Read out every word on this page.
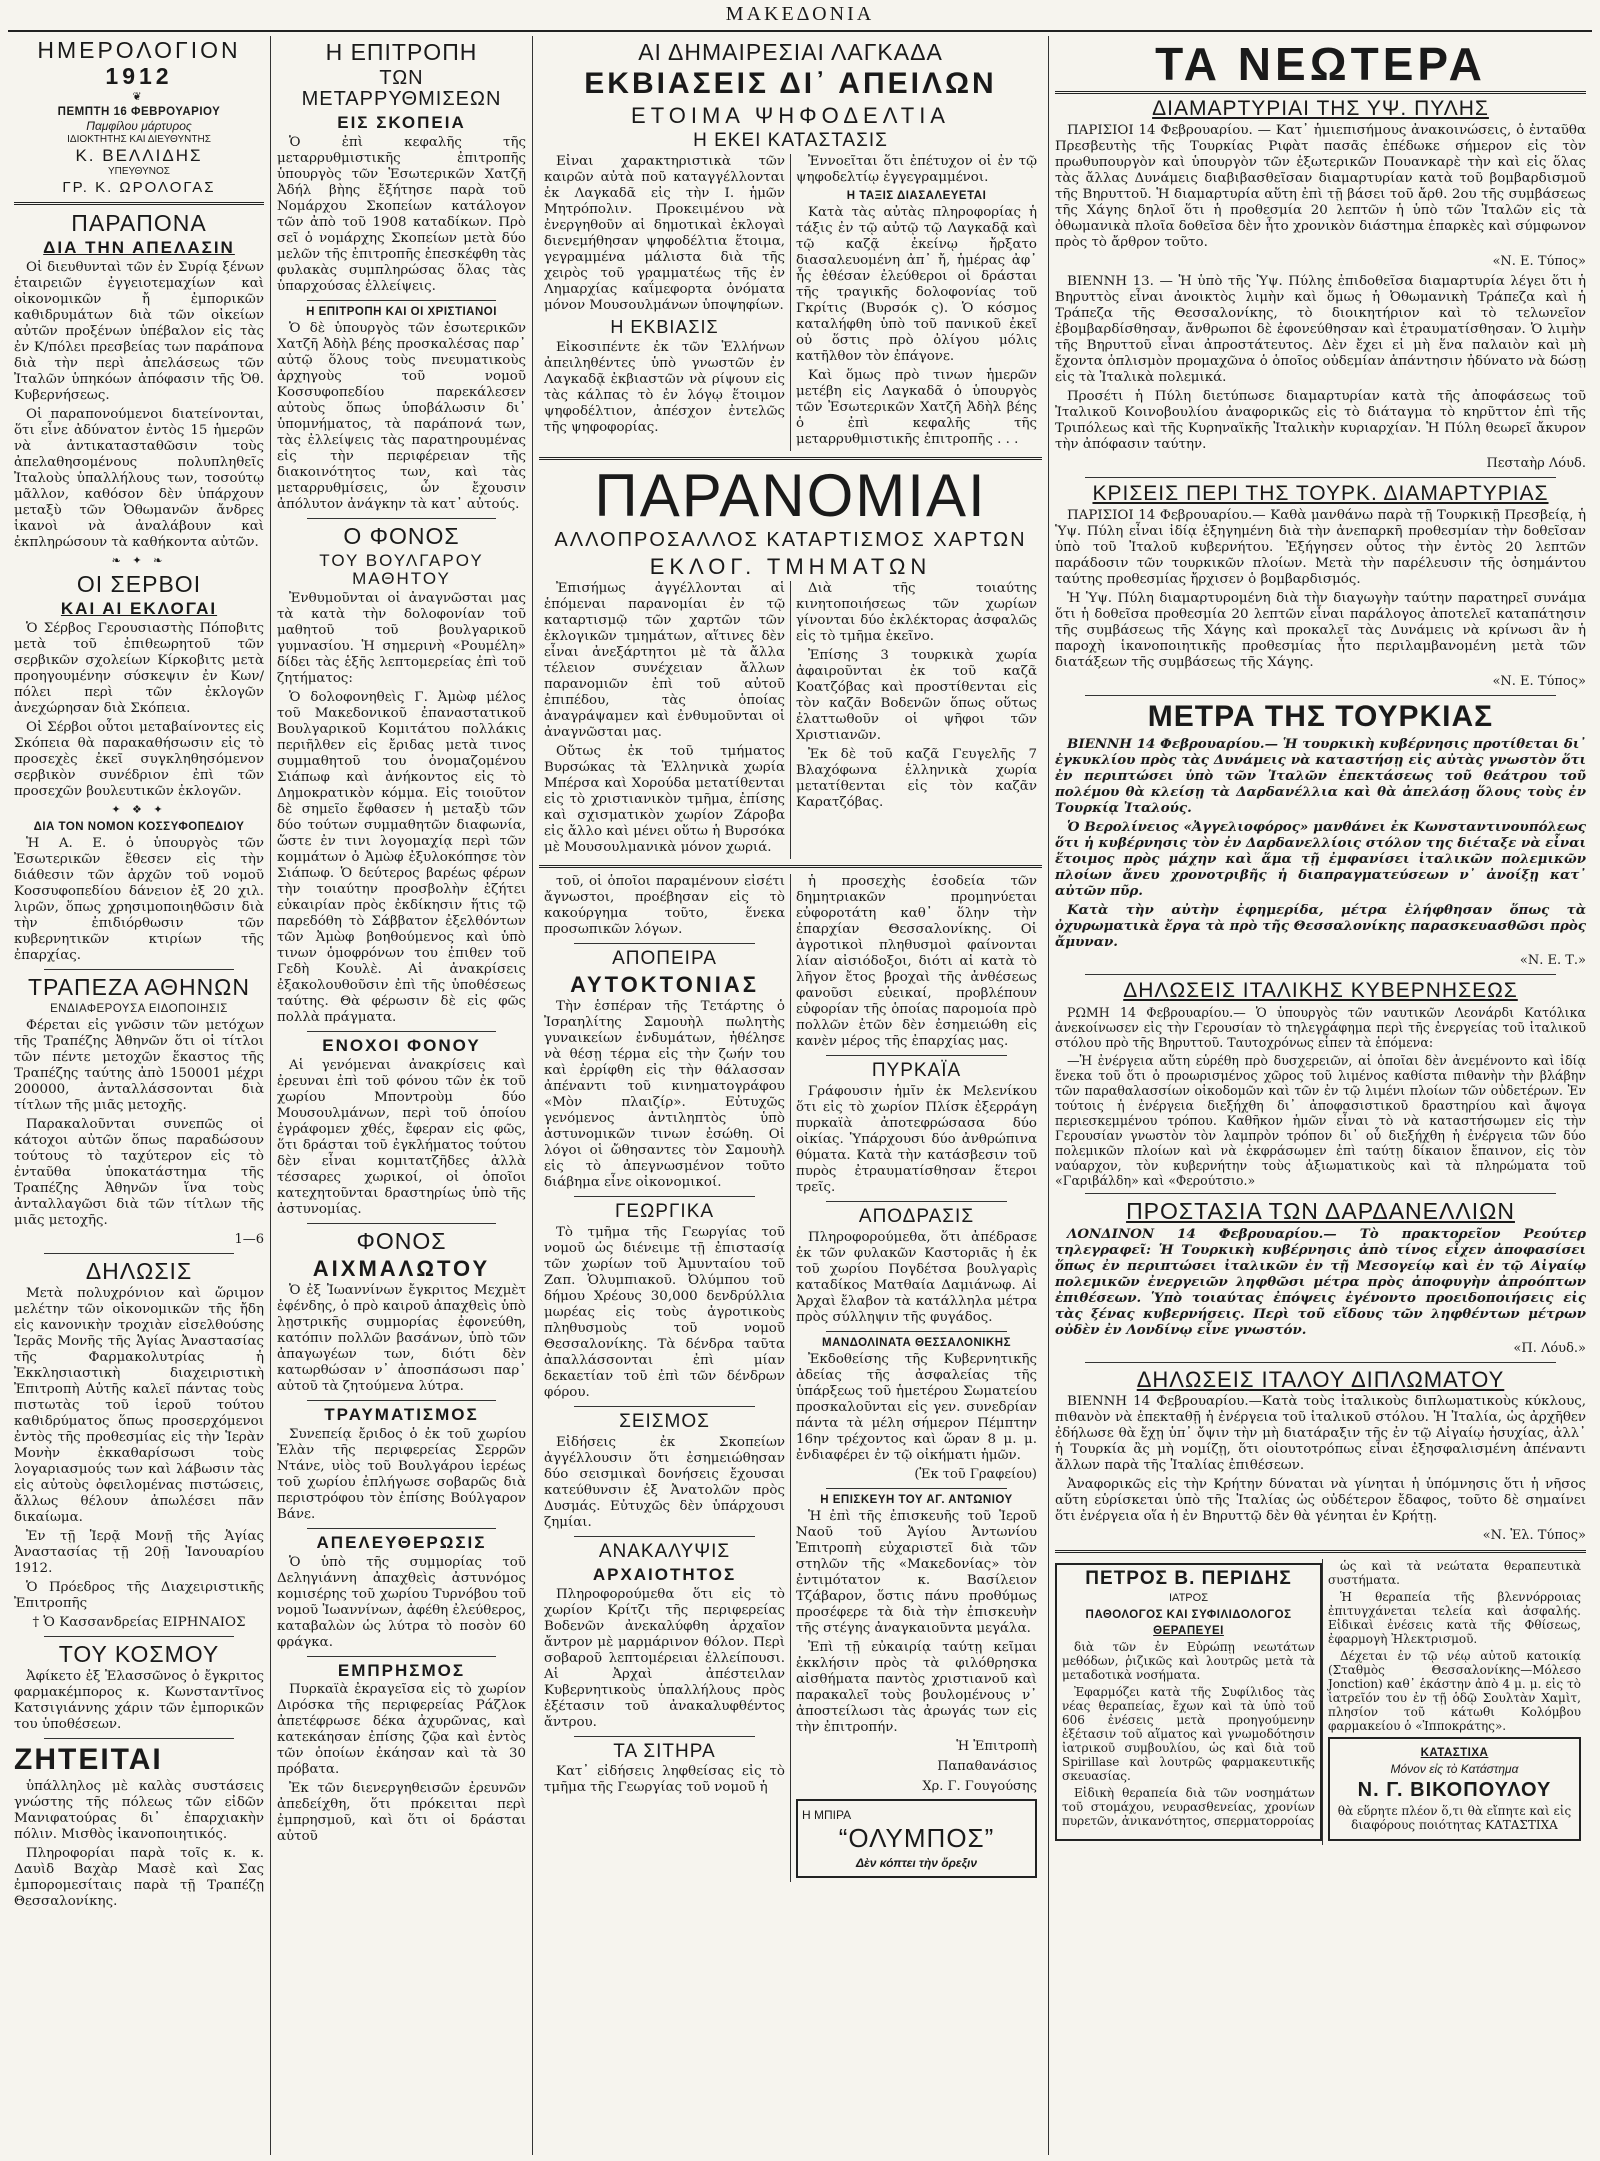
ΜΑΚΕΔΟΝΙΑ
ΗΜΕΡΟΛΟΓΙΟΝ
1912
❦
ΠΕΜΠΤΗ 16 ΦΕΒΡΟΥΑΡΙΟΥ
Παμφίλου μάρτυρος
ΙΔΙΟΚΤΗΤΗΣ ΚΑΙ ΔΙΕΥΘΥΝΤΗΣ
Κ. ΒΕΛΛΙΔΗΣ
ΥΠΕΥΘΥΝΟΣ
ΓΡ. Κ. ΩΡΟΛΟΓΑΣ
ΠΑΡΑΠΟΝΑ
ΔΙΑ ΤΗΝ ΑΠΕΛΑΣΙΝ

Οἱ διευθυνταὶ τῶν ἐν Συρίᾳ ξένων ἑταιρειῶν ἐγγειοτεμαχίων καὶ οἰκονομικῶν ἤ ἐμπορικῶν καθιδρυμάτων διὰ τῶν οἰκείων αὐτῶν προξένων ὑπέβαλον εἰς τὰς ἐν Κ/πόλει πρεσβείας των παράπονα διὰ τὴν περὶ ἀπελάσεως τῶν Ἰταλῶν ὑπηκόων ἀπόφασιν τῆς Ὀθ. Κυβερνήσεως.

Οἱ παραπονούμενοι διατείνονται, ὅτι εἶνε ἀδύνατον ἐντὸς 15 ἡμερῶν νὰ ἀντικατασταθῶσιν τοὺς ἀπελαθησομένους πολυπληθεῖς Ἰταλοὺς ὑπαλλήλους των, τοσούτῳ μᾶλλον, καθόσον δὲν ὑπάρχουν μεταξὺ τῶν Ὀθωμανῶν ἄνδρες ἱκανοὶ νὰ ἀναλάβουν καὶ ἐκπληρώσουν τὰ καθήκοντα αὐτῶν.

❧ ✦ ❧
ΟΙ ΣΕΡΒΟΙ
ΚΑΙ ΑΙ ΕΚΛΟΓΑΙ

Ὁ Σέρβος Γερουσιαστὴς Πόποβιτς μετὰ τοῦ ἐπιθεωρητοῦ τῶν σερβικῶν σχολείων Κίρκοβιτς μετὰ προηγουμένην σύσκεψιν ἐν Κων/πόλει περὶ τῶν ἐκλογῶν ἀνεχώρησαν διὰ Σκόπεια.

Οἱ Σέρβοι οὗτοι μεταβαίνοντες εἰς Σκόπεια θὰ παρακαθήσωσιν εἰς τὸ προσεχὲς ἐκεῖ συγκληθησόμενον σερβικὸν συνέδριον ἐπὶ τῶν προσεχῶν βουλευτικῶν ἐκλογῶν.

✦ ❖ ✦
ΔΙΑ ΤΟΝ ΝΟΜΟΝ ΚΟΣΣΥΦΟΠΕΔΙΟΥ

Ἡ Α. Ε. ὁ ὑπουργὸς τῶν Ἐσωτερικῶν ἔθεσεν εἰς τὴν διάθεσιν τῶν ἀρχῶν τοῦ νομοῦ Κοσσυφοπεδίου δάνειον ἐξ 20 χιλ. λιρῶν, ὅπως χρησιμοποιηθῶσιν διὰ τὴν ἐπιδιόρθωσιν τῶν κυβερνητικῶν κτιρίων τῆς ἐπαρχίας.

ΤΡΑΠΕΖΑ ΑΘΗΝΩΝ
ΕΝΔΙΑΦΕΡΟΥΣΑ ΕΙΔΟΠΟΙΗΣΙΣ

Φέρεται εἰς γνῶσιν τῶν μετόχων τῆς Τραπέζης Ἀθηνῶν ὅτι οἱ τίτλοι τῶν πέντε μετοχῶν ἕκαστος τῆς Τραπέζης ταύτης ἀπὸ 150001 μέχρι 200000, ἀνταλλάσσονται διὰ τίτλων τῆς μιᾶς μετοχῆς.

Παρακαλοῦνται συνεπῶς οἱ κάτοχοι αὐτῶν ὅπως παραδώσουν τούτους τὸ ταχύτερον εἰς τὸ ἐνταῦθα ὑποκατάστημα τῆς Τραπέζης Ἀθηνῶν ἵνα τοὺς ἀνταλλαγῶσι διὰ τῶν τίτλων τῆς μιᾶς μετοχῆς.

1—6

ΔΗΛΩΣΙΣ

Μετὰ πολυχρόνιον καὶ ὥριμον μελέτην τῶν οἰκονομικῶν τῆς ἤδη εἰς κανονικὴν τροχιὰν εἰσελθούσης Ἱερᾶς Μονῆς τῆς Ἁγίας Ἀναστασίας τῆς Φαρμακολυτρίας ἡ Ἐκκλησιαστικὴ διαχειριστικὴ Ἐπιτροπὴ Αὐτῆς καλεῖ πάντας τοὺς πιστωτὰς τοῦ ἱεροῦ τούτου καθιδρύματος ὅπως προσερχόμενοι ἐντὸς τῆς προθεσμίας εἰς τὴν Ἱερὰν Μονὴν ἐκκαθαρίσωσι τοὺς λογαριασμούς των καὶ λάβωσιν τὰς εἰς αὐτοὺς ὀφειλομένας πιστώσεις, ἄλλως θέλουν ἀπωλέσει πᾶν δικαίωμα.

Ἐν τῇ Ἱερᾷ Μονῇ τῆς Ἁγίας Ἀναστασίας τῇ 20ῇ Ἰανουαρίου 1912.

Ὁ Πρόεδρος τῆς Διαχειριστικῆς Ἐπιτροπῆς

† Ὁ Κασσανδρείας ΕΙΡΗΝΑΙΟΣ

ΤΟΥ ΚΟΣΜΟΥ

Ἀφίκετο ἐξ Ἐλασσῶνος ὁ ἔγκριτος φαρμακέμπορος κ. Κωνσταντῖνος Κατσιγιάννης χάριν τῶν ἐμπορικῶν του ὑποθέσεων.

ΖΗΤΕΙΤΑΙ

ὑπάλληλος μὲ καλὰς συστάσεις γνώστης τῆς πόλεως τῶν εἰδῶν Μανιφατούρας δι᾽ ἐπαρχιακὴν πόλιν. Μισθὸς ἱκανοποιητικός.

Πληροφορίαι παρὰ τοῖς κ. κ. Δαυὶδ Βαχὰρ Μασὲ καὶ Σας ἐμπορομεσίταις παρὰ τῇ Τραπέζῃ Θεσσαλονίκης.

Η ΕΠΙΤΡΟΠΗ
ΤΩΝ ΜΕΤΑΡΡΥΘΜΙΣΕΩΝ
ΕΙΣ ΣΚΟΠΕΙΑ

Ὁ ἐπὶ κεφαλῆς τῆς μεταρρυθμιστικῆς ἐπιτροπῆς ὑπουργὸς τῶν Ἐσωτερικῶν Χατζῆ Ἀδήλ βὴης ἔξήτησε παρὰ τοῦ Νομάρχου Σκοπείων κατάλογον τῶν ἀπὸ τοῦ 1908 καταδίκων. Πρὸ σεῖ ὁ νομάρχης Σκοπείων μετὰ δύο μελῶν τῆς ἐπιτροπῆς ἐπεσκέφθη τὰς φυλακὰς συμπληρώσας ὅλας τὰς ὑπαρχούσας ἐλλείψεις.

Η ΕΠΙΤΡΟΠΗ ΚΑΙ ΟΙ ΧΡΙΣΤΙΑΝΟΙ

Ὁ δὲ ὑπουργὸς τῶν ἐσωτερικῶν Χατζῆ Ἀδὴλ βέης προσκαλέσας παρ᾽ αὐτῷ ὅλους τοὺς πνευματικοὺς ἀρχηγοὺς τοῦ νομοῦ Κοσσυφοπεδίου παρεκάλεσεν αὐτοὺς ὅπως ὑποβάλωσιν δι᾽ ὑπομνήματος, τὰ παράπονά των, τὰς ἐλλείψεις τὰς παρατηρουμένας εἰς τὴν περιφέρειαν τῆς διακοινότητος των, καὶ τὰς μεταρρυθμίσεις, ὧν ἔχουσιν ἀπόλυτον ἀνάγκην τὰ κατ᾽ αὐτούς.

Ο ΦΟΝΟΣ
ΤΟΥ ΒΟΥΛΓΑΡΟΥ ΜΑΘΗΤΟΥ

Ἐνθυμοῦνται οἱ ἀναγνῶσται μας τὰ κατὰ τὴν δολοφονίαν τοῦ μαθητοῦ τοῦ βουλγαρικοῦ γυμνασίου. Ἡ σημερινὴ «Ρουμέλη» δίδει τὰς ἑξῆς λεπτομερείας ἐπὶ τοῦ ζητήματος:

Ὁ δολοφονηθεὶς Γ. Ἀμὼφ μέλος τοῦ Μακεδονικοῦ ἐπαναστατικοῦ Βουλγαρικοῦ Κομιτάτου πολλάκις περιῆλθεν εἰς ἔριδας μετὰ τινος συμμαθητοῦ του ὀνομαζομένου Σιάπωφ καὶ ἀνήκοντος εἰς τὸ Δημοκρατικὸν κόμμα. Εἰς τοιοῦτον δὲ σημεῖο ἔφθασεν ἡ μεταξὺ τῶν δύο τούτων συμμαθητῶν διαφωνία, ὥστε ἐν τινι λογομαχίᾳ περὶ τῶν κομμάτων ὁ Ἀμὼφ ἐξυλοκόπησε τὸν Σιάπωφ. Ὁ δεύτερος βαρέως φέρων τὴν τοιαύτην προσβολὴν ἐζήτει εὐκαιρίαν πρὸς ἐκδίκησιν ἥτις τῷ παρεδόθη τὸ Σάββατον ἐξελθόντων τῶν Ἀμὼφ βοηθούμενος καὶ ὑπὸ τινων ὁμοφρόνων του ἐπιθεν τοῦ Γεδὴ Κουλὲ. Αἱ ἀνακρίσεις ἐξακολουθοῦσιν ἐπὶ τῆς ὑποθέσεως ταύτης. Θὰ φέρωσιν δὲ εἰς φῶς πολλὰ πράγματα.

ΕΝΟΧΟΙ ΦΟΝΟΥ

Αἱ γενόμεναι ἀνακρίσεις καὶ ἐρευναι ἐπὶ τοῦ φόνου τῶν ἐκ τοῦ χωρίου Μποντροὺμ δύο Μουσουλμάνων, περὶ τοῦ ὁποίου ἐγράφομεν χθές, ἔφεραν εἰς φῶς, ὅτι δράσται τοῦ ἐγκλήματος τούτου δὲν εἶναι κομιτατζῆδες ἀλλὰ τέσσαρες χωρικοί, οἱ ὁποῖοι κατεχητοῦνται δραστηρίως ὑπὸ τῆς ἀστυνομίας.

ΦΟΝΟΣ
ΑΙΧΜΑΛΩΤΟΥ

Ὁ ἐξ Ἰωαννίνων ἔγκριτος Μεχμὲτ ἐφένδης, ὁ πρὸ καιροῦ ἀπαχθεὶς ὑπὸ λῃστρικῆς συμμορίας ἐφονεύθη, κατόπιν πολλῶν βασάνων, ὑπὸ τῶν ἀπαγωγέων των, διότι δὲν κατωρθώσαν ν᾽ ἀποσπάσωσι παρ᾽ αὐτοῦ τὰ ζητούμενα λύτρα.

ΤΡΑΥΜΑΤΙΣΜΟΣ

Συνεπείᾳ ἔριδος ὁ ἐκ τοῦ χωρίου Ἐλὰν τῆς περιφερείας Σερρῶν Ντάνε, υἱὸς τοῦ Βουλγάρου ἱερέως τοῦ χωρίου ἐπλήγωσε σοβαρῶς διὰ περιστρόφου τὸν ἐπίσης Βούλγαρον Βάνε.

ΑΠΕΛΕΥΘΕΡΩΣΙΣ

Ὁ ὑπὸ τῆς συμμορίας τοῦ Δεληγιάννη ἀπαχθεὶς ἀστυνόμος κομισέρης τοῦ χωρίου Τυρνόβου τοῦ νομοῦ Ἰωαννίνων, ἀφέθη ἐλεύθερος, καταβαλὼν ὡς λύτρα τὸ ποσὸν 60 φράγκα.

ΕΜΠΡΗΣΜΟΣ

Πυρκαϊὰ ἐκραγεῖσα εἰς τὸ χωρίον Διρόσκα τῆς περιφερείας Ράζλοκ ἀπετέφρωσε δέκα ἀχυρῶνας, καὶ κατεκάησαν ἐπίσης ζῷα καὶ ἐντὸς τῶν ὁποίων ἐκάησαν καὶ τὰ 30 πρόβατα.

Ἐκ τῶν διενεργηθεισῶν ἐρευνῶν ἀπεδείχθη, ὅτι πρόκειται περὶ ἐμπρησμοῦ, καὶ ὅτι οἱ δράσται αὐτοῦ

ΑΙ ΔΗΜΑΙΡΕΣΙΑΙ ΛΑΓΚΑΔΑ
ΕΚΒΙΑΣΕΙΣ ΔΙ᾽ ΑΠΕΙΛΩΝ
ΕΤΟΙΜΑ ΨΗΦΟΔΕΛΤΙΑ
Η ΕΚΕΙ ΚΑΤΑΣΤΑΣΙΣ

Εἶναι χαρακτηριστικὰ τῶν καιρῶν αὐτὰ ποῦ καταγγέλλονται ἐκ Λαγκαδᾶ εἰς τὴν Ι. ἡμῶν Μητρόπολιν. Προκειμένου νὰ ἐνεργηθοῦν αἱ δημοτικαὶ ἐκλογαὶ διενεμήθησαν ψηφοδέλτια ἕτοιμα, γεγραμμένα μάλιστα διὰ τῆς χειρὸς τοῦ γραμματέως τῆς ἐν Λημαρχίας καΐμεφορτα ὀνόματα μόνον Μουσουλμάνων ὑποψηφίων.

Η ΕΚΒΙΑΣΙΣ

Εἰκοσιπέντε ἐκ τῶν Ἑλλήνων ἀπειληθέντες ὑπὸ γνωστῶν ἐν Λαγκαδᾷ ἐκβιαστῶν νὰ ρίψουν εἰς τὰς κάλπας τὸ ἐν λόγῳ ἕτοιμον ψηφοδέλτιον, ἀπέσχον ἐντελῶς τῆς ψηφοφορίας.

Ἐννοεῖται ὅτι ἐπέτυχον οἱ ἐν τῷ ψηφοδελτίῳ ἐγγεγραμμένοι.

Η ΤΑΞΙΣ ΔΙΑΣΑΛΕΥΕΤΑΙ

Κατὰ τὰς αὐτὰς πληροφορίας ἡ τάξις ἐν τῷ αὐτῷ τῷ Λαγκαδᾷ καὶ τῷ καζᾷ ἐκείνῳ ἤρξατο διασαλευομένη ἀπ᾽ ἤ, ἡμέρας ἀφ᾽ ἧς ἐθέσαν ἐλεύθεροι οἱ δράσται τῆς τραγικῆς δολοφονίας τοῦ Γκρίτις (Βυρσόκ ς). Ὁ κόσμος καταλήφθη ὑπὸ τοῦ πανικοῦ ἐκεῖ οὐ ὅστις πρὸ ὀλίγου μόλις κατῆλθον τὸν ἐπάγονε.

Καὶ ὅμως πρὸ τινων ἡμερῶν μετέβη εἰς Λαγκαδᾶ ὁ ὑπουργὸς τῶν Ἐσωτερικῶν Χατζῆ Ἀδὴλ βέης ὁ ἐπὶ κεφαλῆς τῆς μεταρρυθμιστικῆς ἐπιτροπῆς . . .

ΠΑΡΑΝΟΜΙΑΙ
ΑΛΛΟΠΡΟΣΑΛΛΟΣ ΚΑΤΑΡΤΙΣΜΟΣ ΧΑΡΤΩΝ
ΕΚΛΟΓ. ΤΜΗΜΑΤΩΝ

Ἐπισήμως ἀγγέλλονται αἱ ἑπόμεναι παρανομίαι ἐν τῷ καταρτισμῷ τῶν χαρτῶν τῶν ἐκλογικῶν τμημάτων, αἵτινες δὲν εἶναι ἀνεξάρτητοι μὲ τὰ ἄλλα τέλειον συνέχειαν ἄλλων παρανομιῶν ἐπὶ τοῦ αὐτοῦ ἐπιπέδου, τὰς ὁποίας ἀναγράψαμεν καὶ ἐνθυμοῦνται οἱ ἀναγνῶσται μας.

Οὕτως ἐκ τοῦ τμήματος Βυρσώκας τὰ Ἑλληνικὰ χωρία Μπέρσα καὶ Χορούδα μετατίθενται εἰς τὸ χριστιανικὸν τμῆμα, ἐπίσης καὶ σχισματικὸν χωρίον Ζάροβα εἰς ἄλλο καὶ μένει οὕτω ἡ Βυρσόκα μὲ Μουσουλμανικὰ μόνον χωριά.

Διὰ τῆς τοιαύτης κινητοποιήσεως τῶν χωρίων γίνονται δύο ἐκλέκτορας ἀσφαλῶς εἰς τὸ τμῆμα ἐκεῖνο.

Ἐπίσης 3 τουρκικὰ χωρία ἀφαιροῦνται ἐκ τοῦ καζᾶ Κοατζόβας καὶ προστίθενται εἰς τὸν καζᾶν Βοδενῶν ὅπως οὕτως ἐλαττωθοῦν οἱ ψῆφοι τῶν Χριστιανῶν.

Ἐκ δὲ τοῦ καζᾶ Γευγελῆς 7 Βλαχόφωνα ἑλληνικὰ χωρία μετατίθενται εἰς τὸν καζᾶν Καρατζόβας.

τοῦ, οἱ ὁποῖοι παραμένουν εἰσέτι ἄγνωστοι, προέβησαν εἰς τὸ κακούργημα τοῦτο, ἕνεκα προσωπικῶν λόγων.

ΑΠΟΠΕΙΡΑ
ΑΥΤΟΚΤΟΝΙΑΣ

Τὴν ἑσπέραν τῆς Τετάρτης ὁ Ἰσραηλίτης Σαμουὴλ πωλητὴς γυναικείων ἐνδυμάτων, ἠθέλησε νὰ θέσῃ τέρμα εἰς τὴν ζωήν του καὶ ἐρρίφθη εἰς τὴν θάλασσαν ἀπέναντι τοῦ κινηματογράφου «Μὸν πλαιζίρ». Εὐτυχῶς γενόμενος ἀντιληπτὸς ὑπὸ ἀστυνομικῶν τινων ἐσώθη. Οἱ λόγοι οἱ ὤθησαντες τὸν Σαμουὴλ εἰς τὸ ἀπεγνωσμένον τοῦτο διάβημα εἶνε οἰκονομικοί.

ΓΕΩΡΓΙΚΑ

Τὸ τμῆμα τῆς Γεωργίας τοῦ νομοῦ ὡς διένειμε τῇ ἐπιστασίᾳ τῶν χωρίων τοῦ Ἀμυνταίου τοῦ Ζαπ. Ὁλυμπιακοῦ. Ὀλύμπου τοῦ δήμου Χρέους 30,000 δενδρύλλια μωρέας εἰς τοὺς ἀγροτικοὺς πληθυσμοὺς τοῦ νομοῦ Θεσσαλονίκης. Τὰ δένδρα ταῦτα ἀπαλλάσσονται ἐπὶ μίαν δεκαετίαν τοῦ ἐπὶ τῶν δένδρων φόρου.

ΣΕΙΣΜΟΣ

Εἰδήσεις ἐκ Σκοπείων ἀγγέλλουσιν ὅτι ἐσημειώθησαν δύο σεισμικαὶ δονήσεις ἔχουσαι κατεύθυνσιν ἐξ Ἀνατολῶν πρὸς Δυσμάς. Εὐτυχῶς δὲν ὑπάρχουσι ζημίαι.

ΑΝΑΚΑΛΥΨΙΣ
ΑΡΧΑΙΟΤΗΤΟΣ

Πληροφορούμεθα ὅτι εἰς τὸ χωρίον Κρίτζι τῆς περιφερείας Βοδενῶν ἀνεκαλύφθη ἀρχαῖον ἄντρον μὲ μαρμάρινον θόλον. Περὶ σοβαροῦ λεπτομέρειαι ἐλλείπουσι. Αἱ Ἀρχαὶ ἀπέστειλαν Κυβερνητικοὺς ὑπαλλήλους πρὸς ἐξέτασιν τοῦ ἀνακαλυφθέντος ἄντρου.

ΤΑ ΣΙΤΗΡΑ

Κατ᾽ εἰδήσεις ληφθείσας εἰς τὸ τμῆμα τῆς Γεωργίας τοῦ νομοῦ ἡ

ἡ προσεχὴς ἐσοδεία τῶν δημητριακῶν προμηνύεται εὐφοροτάτη καθ᾽ ὅλην τὴν ἐπαρχίαν Θεσσαλονίκης. Οἱ ἀγροτικοὶ πληθυσμοὶ φαίνονται λίαν αἰσιόδοξοι, διότι αἱ κατὰ τὸ λῆγον ἔτος βροχαὶ τῆς ἀνθέσεως φανοῦσι εὐεικαί, προβλέπουν εὐφορίαν τῆς ὁποίας παρομοία πρὸ πολλῶν ἐτῶν δὲν ἐσημειώθη εἰς κανὲν μέρος τῆς ἐπαρχίας μας.

ΠΥΡΚΑΪΑ

Γράφουσιν ἡμῖν ἐκ Μελενίκου ὅτι εἰς τὸ χωρίον Πλίσκ ἐξερράγη πυρκαϊὰ ἀποτεφρώσασα δύο οἰκίας. Ὑπάρχουσι δύο ἀνθρώπινα θύματα. Κατὰ τὴν κατάσβεσιν τοῦ πυρὸς ἐτραυματίσθησαν ἕτεροι τρεῖς.

ΑΠΟΔΡΑΣΙΣ

Πληροφορούμεθα, ὅτι ἀπέδρασε ἐκ τῶν φυλακῶν Καστοριᾶς ἡ ἐκ τοῦ χωρίου Πογδέτσα βουλγαρὶς καταδίκος Ματθαία Δαμιάνωφ. Αἱ Ἀρχαὶ ἔλαβον τὰ κατάλληλα μέτρα πρὸς σύλληψιν τῆς φυγάδος.

ΜΑΝΔΟΛΙΝΑΤΑ ΘΕΣΣΑΛΟΝΙΚΗΣ

Ἐκδοθείσης τῆς Κυβερνητικῆς ἀδείας τῆς ἀσφαλείας τῆς ὑπάρξεως τοῦ ἡμετέρου Σωματείου προσκαλοῦνται εἰς γεν. συνεδρίαν πάντα τὰ μέλη σήμερον Πέμπτην 16ην τρέχοντος καὶ ὥραν 8 μ. μ. ἐνδιαφέρει ἐν τῷ οἰκήματι ἡμῶν.

(Ἐκ τοῦ Γραφείου)

Η ΕΠΙΣΚΕΥΗ ΤΟΥ ΑΓ. ΑΝΤΩΝΙΟΥ

Ἡ ἐπὶ τῆς ἐπισκευῆς τοῦ Ἱεροῦ Ναοῦ τοῦ Ἁγίου Ἀντωνίου Ἐπιτροπὴ εὐχαριστεῖ διὰ τῶν στηλῶν τῆς «Μακεδονίας» τὸν ἐντιμότατον κ. Βασίλειον Τζάβαρον, ὅστις πάνυ προθύμως προσέφερε τὰ διὰ τὴν ἐπισκευὴν τῆς στέγης ἀναγκαιοῦντα μεγάλα.

Ἐπὶ τῇ εὐκαιρίᾳ ταύτῃ κεῖμαι ἐκκλήσιν πρὸς τὰ φιλόθρησκα αἰσθήματα παντὸς χριστιανοῦ καὶ παρακαλεῖ τοὺς βουλομένους ν᾽ ἀποστείλωσι τὰς ἀρωγάς των εἰς τὴν ἐπιτροπήν.

Ἡ Ἐπιτροπὴ

Παπαθανάσιος

Χρ. Γ. Γουγούσης

Η ΜΠΙΡΑ
“ΟΛΥΜΠΟΣ”
Δὲν κόπτει τὴν ὄρεξιν
ΤΑ ΝΕΩΤΕΡΑ
ΔΙΑΜΑΡΤΥΡΙΑΙ ΤΗΣ ΥΨ. ΠΥΛΗΣ

ΠΑΡΙΣΙΟΙ 14 Φεβρουαρίου. — Κατ᾽ ἡμιεπισήμους ἀνακοινώσεις, ὁ ἐνταῦθα Πρεσβευτὴς τῆς Τουρκίας Ριφὰτ πασᾶς ἐπέδωκε σήμερον εἰς τὸν πρωθυπουργὸν καὶ ὑπουργὸν τῶν ἐξωτερικῶν Πουανκαρὲ τὴν καὶ εἰς ὅλας τὰς ἄλλας Δυνάμεις διαβιβασθεῖσαν διαμαρτυρίαν κατὰ τοῦ βομβαρδισμοῦ τῆς Βηρυττοῦ. Ἡ διαμαρτυρία αὕτη ἐπὶ τῇ βάσει τοῦ ἄρθ. 2ου τῆς συμβάσεως τῆς Χάγης δηλοῖ ὅτι ἡ προθεσμία 20 λεπτῶν ἡ ὑπὸ τῶν Ἰταλῶν εἰς τὰ ὀθωμανικὰ πλοῖα δοθεῖσα δὲν ἦτο χρονικὸν διάστημα ἐπαρκὲς καὶ σύμφωνον πρὸς τὸ ἄρθρον τοῦτο.

«Ν. Ε. Τύπος»

ΒΙΕΝΝΗ 13. — Ἡ ὑπὸ τῆς Ὑψ. Πύλης ἐπιδοθεῖσα διαμαρτυρία λέγει ὅτι ἡ Βηρυττὸς εἶναι ἀνοικτὸς λιμὴν καὶ ὅμως ἡ Ὀθωμανικὴ Τράπεζα καὶ ἡ Τράπεζα τῆς Θεσσαλονίκης, τὸ διοικητήριον καὶ τὸ τελωνεῖον ἐβομβαρδίσθησαν, ἄνθρωποι δὲ ἐφονεύθησαν καὶ ἐτραυματίσθησαν. Ὁ λιμὴν τῆς Βηρυττοῦ εἶναι ἀπροστάτευτος. Δὲν ἔχει εἰ μὴ ἕνα παλαιὸν καὶ μὴ ἔχοντα ὁπλισμὸν προμαχῶνα ὁ ὁποῖος οὐδεμίαν ἀπάντησιν ἠδύνατο νὰ δώσῃ εἰς τὰ Ἰταλικὰ πολεμικά.

Προσέτι ἡ Πύλη διετύπωσε διαμαρτυρίαν κατὰ τῆς ἀποφάσεως τοῦ Ἰταλικοῦ Κοινοβουλίου ἀναφορικῶς εἰς τὸ διάταγμα τὸ κηρῦττον ἐπὶ τῆς Τριπόλεως καὶ τῆς Κυρηναϊκῆς Ἰταλικὴν κυριαρχίαν. Ἡ Πύλη θεωρεῖ ἄκυρον τὴν ἀπόφασιν ταύτην.

Πεσταὴρ Λόυδ.

ΚΡΙΣΕΙΣ ΠΕΡΙ ΤΗΣ ΤΟΥΡΚ. ΔΙΑΜΑΡΤΥΡΙΑΣ

ΠΑΡΙΣΙΟΙ 14 Φεβρουαρίου.— Καθὰ μανθάνω παρὰ τῇ Τουρκικῇ Πρεσβείᾳ, ἡ Ὑψ. Πύλη εἶναι ἰδίᾳ ἐξηγημένη διὰ τὴν ἀνεπαρκῆ προθεσμίαν τὴν δοθεῖσαν ὑπὸ τοῦ Ἰταλοῦ κυβερνήτου. Ἐξήγησεν οὗτος τὴν ἐντὸς 20 λεπτῶν παράδοσιν τῶν τουρκικῶν πλοίων. Μετὰ τὴν παρέλευσιν τῆς ὀσημάντου ταύτης προθεσμίας ἤρχισεν ὁ βομβαρδισμός.

Ἡ Ὑψ. Πύλη διαμαρτυρομένη διὰ τὴν διαγωγὴν ταύτην παρατηρεῖ συνάμα ὅτι ἡ δοθεῖσα προθεσμία 20 λεπτῶν εἶναι παράλογος ἀποτελεῖ καταπάτησιν τῆς συμβάσεως τῆς Χάγης καὶ προκαλεῖ τὰς Δυνάμεις νὰ κρίνωσι ἂν ἡ παροχὴ ἱκανοποιητικῆς προθεσμίας ἦτο περιλαμβανομένη μετὰ τῶν διατάξεων τῆς συμβάσεως τῆς Χάγης.

«Ν. Ε. Τύπος»

ΜΕΤΡΑ ΤΗΣ ΤΟΥΡΚΙΑΣ

ΒΙΕΝΝΗ 14 Φεβρουαρίου.— Ἡ τουρκικὴ κυβέρνησις προτίθεται δι᾽ ἐγκυκλίου πρὸς τὰς Δυνάμεις νὰ καταστήσῃ εἰς αὐτὰς γνωστὸν ὅτι ἐν περιπτώσει ὑπὸ τῶν Ἰταλῶν ἐπεκτάσεως τοῦ θεάτρου τοῦ πολέμου θὰ κλείσῃ τὰ Δαρδανέλλια καὶ θὰ ἀπελάσῃ ὅλους τοὺς ἐν Τουρκίᾳ Ἰταλούς.

Ὁ Βερολίνειος «Ἀγγελιοφόρος» μανθάνει ἐκ Κωνσταντινουπόλεως ὅτι ἡ κυβέρνησις τὸν ἐν Δαρδανελλίοις στόλον της διέταξε νὰ εἶναι ἕτοιμος πρὸς μάχην καὶ ἅμα τῇ ἐμφανίσει ἰταλικῶν πολεμικῶν πλοίων ἄνευ χρονοτριβῆς ἡ διαπραγματεύσεων ν᾽ ἀνοίξῃ κατ᾽ αὐτῶν πῦρ.

Κατὰ τὴν αὐτὴν ἐφημερίδα, μέτρα ἐλήφθησαν ὅπως τὰ ὀχυρωματικὰ ἔργα τὰ πρὸ τῆς Θεσσαλονίκης παρασκευασθῶσι πρὸς ἄμυναν.

«Ν. Ε. Τ.»

ΔΗΛΩΣΕΙΣ ΙΤΑΛΙΚΗΣ ΚΥΒΕΡΝΗΣΕΩΣ

ΡΩΜΗ 14 Φεβρουαρίου.— Ὁ ὑπουργὸς τῶν ναυτικῶν Λεονάρδι Κατόλικα ἀνεκοίνωσεν εἰς τὴν Γερουσίαν τὸ τηλεγράφημα περὶ τῆς ἐνεργείας τοῦ ἰταλικοῦ στόλου πρὸ τῆς Βηρυττοῦ. Ταυτοχρόνως εἶπεν τὰ ἑπόμενα:

—Ἡ ἐνέργεια αὕτη εὑρέθη πρὸ δυσχερειῶν, αἱ ὁποῖαι δὲν ἀνεμένοντο καὶ ἰδίᾳ ἕνεκα τοῦ ὅτι ὁ προωρισμένος χῶρος τοῦ λιμένος καθίστα πιθανὴν τὴν βλάβην τῶν παραθαλασσίων οἰκοδομῶν καὶ τῶν ἐν τῷ λιμένι πλοίων τῶν οὐδετέρων. Ἐν τούτοις ἡ ἐνέργεια διεξήχθη δι᾽ ἀποφασιστικοῦ δραστηρίου καὶ ἄψογα περιεσκεμμένου τρόπου. Καθῆκον ἡμῶν εἶναι τὸ νὰ καταστήσωμεν εἰς τὴν Γερουσίαν γνωστὸν τὸν λαμπρὸν τρόπον δι᾽ οὗ διεξήχθη ἡ ἐνέργεια τῶν δύο πολεμικῶν πλοίων καὶ νὰ ἐκφράσωμεν ἐπὶ ταύτῃ δίκαιον ἔπαινον, εἰς τὸν ναύαρχον, τὸν κυβερνήτην τοὺς ἀξιωματικοὺς καὶ τὰ πληρώματα τοῦ «Γαριβάλδη» καὶ «Φερούτσιο.»

ΠΡΟΣΤΑΣΙΑ ΤΩΝ ΔΑΡΔΑΝΕΛΛΙΩΝ

ΛΟΝΔΙΝΟΝ 14 Φεβρουαρίου.— Τὸ πρακτορεῖον Ρεούτερ τηλεγραφεῖ: Ἡ Τουρκικὴ κυβέρνησις ἀπὸ τίνος εἶχεν ἀποφασίσει ὅπως ἐν περιπτώσει ἰταλικῶν ἐν τῇ Μεσογείῳ καὶ ἐν τῷ Αἰγαίῳ πολεμικῶν ἐνεργειῶν ληφθῶσι μέτρα πρὸς ἀποφυγὴν ἀπροόπτων ἐπιθέσεων. Ὑπὸ τοιαύτας ἐπόψεις ἐγένοντο προειδοποιήσεις εἰς τὰς ξένας κυβερνήσεις. Περὶ τοῦ εἴδους τῶν ληφθέντων μέτρων οὐδὲν ἐν Λονδίνῳ εἶνε γνωστόν.

«Π. Λόυδ.»

ΔΗΛΩΣΕΙΣ ΙΤΑΛΟΥ ΔΙΠΛΩΜΑΤΟΥ

ΒΙΕΝΝΗ 14 Φεβρουαρίου.—Κατὰ τοὺς ἰταλικοὺς διπλωματικοὺς κύκλους, πιθανὸν νὰ ἐπεκταθῇ ἡ ἐνέργεια τοῦ ἰταλικοῦ στόλου. Ἡ Ἰταλία, ὡς ἀρχῆθεν ἐδήλωσε θὰ ἔχῃ ὑπ᾽ ὄψιν τὴν μὴ διατάραξιν τῆς ἐν τῷ Αἰγαίῳ ἡσυχίας, ἀλλ᾽ ἡ Τουρκία ἂς μὴ νομίζῃ, ὅτι οἱουτοτρόπως εἶναι ἐξησφαλισμένη ἀπέναντι ἄλλων παρὰ τῆς Ἰταλίας ἐπιθέσεων.

Ἀναφορικῶς εἰς τὴν Κρήτην δύναται νὰ γίνηται ἡ ὑπόμνησις ὅτι ἡ νῆσος αὕτη εὑρίσκεται ὑπὸ τῆς Ἰταλίας ὡς οὐδέτερον ἔδαφος, τοῦτο δὲ σημαίνει ὅτι ἐνέργεια οἵα ἡ ἐν Βηρυττῷ δὲν θὰ γένηται ἐν Κρήτῃ.

«Ν. Ἐλ. Τύπος»

ΠΕΤΡΟΣ Β. ΠΕΡΙΔΗΣ
ΙΑΤΡΟΣ
ΠΑΘΟΛΟΓΟΣ ΚΑΙ ΣΥΦΙΛΙΔΟΛΟΓΟΣ
ΘΕΡΑΠΕΥΕΙ

διὰ τῶν ἐν Εὐρώπῃ νεωτάτων μεθόδων, ῥιζικῶς καὶ λουτρῶς μετὰ τὰ μεταδοτικὰ νοσήματα.

Ἐφαρμόζει κατὰ τῆς Συφίλιδος τὰς νέας θεραπείας, ἔχων καὶ τὰ ὑπὸ τοῦ 606 ἐνέσεις μετὰ προηγούμενην ἐξέτασιν τοῦ αἵματος καὶ γνωμοδότησιν ἰατρικοῦ συμβουλίου, ὡς καὶ διὰ τοῦ Spirillase καὶ λουτρῶς φαρμακευτικῆς σκευασίας.

Εἰδικὴ θεραπεία διὰ τῶν νοσημάτων τοῦ στομάχου, νευρασθενείας, χρονίων πυρετῶν, ἀνικανότητος, σπερματορροίας

ὡς καὶ τὰ νεώτατα θεραπευτικὰ συστήματα.

Ἡ θεραπεία τῆς βλεννόρροιας ἐπιτυγχάνεται τελεία καὶ ἀσφαλής. Εἰδικαὶ ἐνέσεις κατὰ τῆς Φθίσεως, ἐφαρμογὴ Ἠλεκτρισμοῦ.

Δέχεται ἐν τῷ νέῳ αὐτοῦ κατοικίᾳ (Σταθμὸς Θεσσαλονίκης—Μόλεσο Jonction) καθ᾽ ἑκάστην ἀπὸ 4 μ. μ. εἰς τὸ ἰατρεῖόν του ἐν τῇ ὁδῷ Σουλτὰν Χαμὶτ, πλησίον τοῦ κάτωθι Κολόμβου φαρμακείου ὁ «Ἱπποκράτης».

ΚΑΤΑΣΤΙΧΑ
Μόνον εἰς τὸ Κατάστημα
Ν. Γ. ΒΙΚΟΠΟΥΛΟΥ

θὰ εὕρητε πλέον ὅ,τι θὰ εἴπητε καὶ εἰς διαφόρους ποιότητας ΚΑΤΑΣΤΙΧΑ
